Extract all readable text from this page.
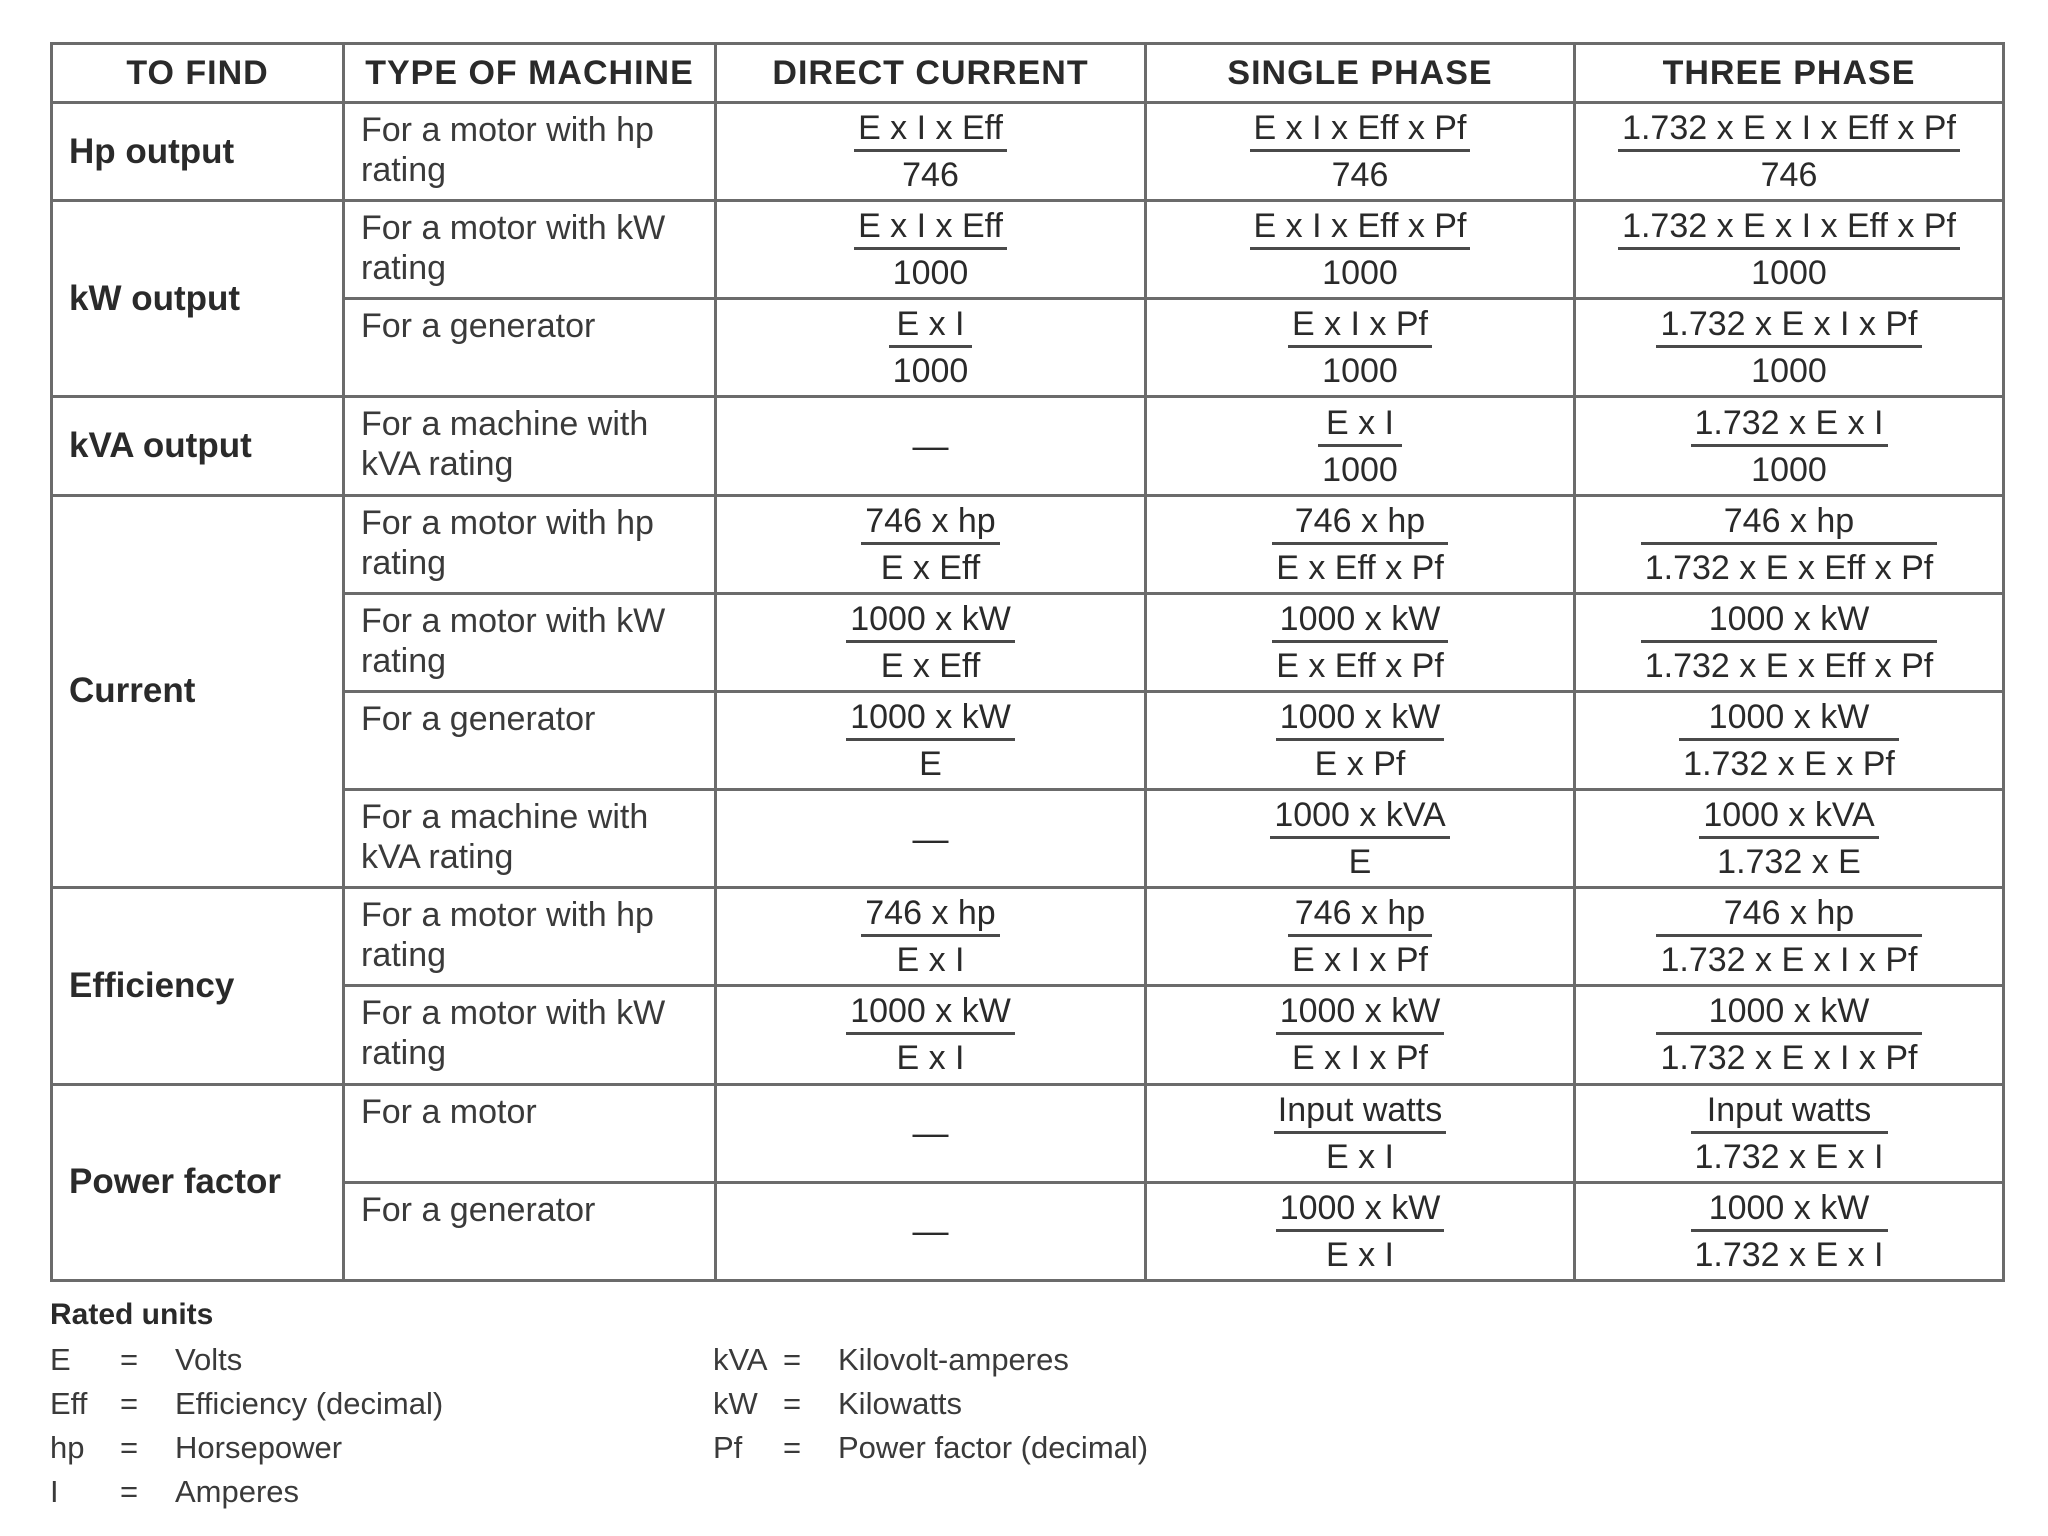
TO FIND	TYPE OF MACHINE	DIRECT CURRENT	SINGLE PHASE	THREE PHASE
Hp output	For a motor with hp rating	$\frac{\text{E x I x Eff}}{746}$	$\frac{\text{E x I x Eff x Pf}}{746}$	$\frac{\text{1.732 x E x I x Eff x Pf}}{746}$

kW output	For a motor with kW rating	$\frac{\text{E x I x Eff}}{1000}$	$\frac{\text{E x I x Eff x Pf}}{1000}$	$\frac{\text{1.732 x E x I x Eff x Pf}}{1000}$

	For a generator	$\frac{\text{E x I}}{1000}$	$\frac{\text{E x I x Pf}}{1000}$	$\frac{\text{1.732 x E x I x Pf}}{1000}$

kVA output	For a machine with kVA rating	—	$\frac{\text{E x I}}{1000}$	$\frac{\text{1.732 x E x I}}{1000}$

Current	For a motor with hp rating	$\frac{\text{746 x hp}}{\text{E x Eff}}$	$\frac{\text{746 x hp}}{\text{E x Eff x Pf}}$	$\frac{\text{746 x hp}}{\text{1.732 x E x Eff x Pf}}$

	For a motor with kW rating	$\frac{\text{1000 x kW}}{\text{E x Eff}}$	$\frac{\text{1000 x kW}}{\text{E x Eff x Pf}}$	$\frac{\text{1000 x kW}}{\text{1.732 x E x Eff x Pf}}$

	For a generator	$\frac{\text{1000 x kW}}{E}$	$\frac{\text{1000 x kW}}{\text{E x Pf}}$	$\frac{\text{1000 x kW}}{\text{1.732 x E x Pf}}$

	For a machine with kVA rating	—	$\frac{\text{1000 x kVA}}{E}$	$\frac{\text{1000 x kVA}}{\text{1.732 x E}}$

Efficiency	For a motor with hp rating	$\frac{\text{746 x hp}}{\text{E x I}}$	$\frac{\text{746 x hp}}{\text{E x I x Pf}}$	$\frac{\text{746 x hp}}{\text{1.732 x E x I x Pf}}$

	For a motor with kW rating	$\frac{\text{1000 x kW}}{\text{E x I}}$	$\frac{\text{1000 x kW}}{\text{E x I x Pf}}$	$\frac{\text{1000 x kW}}{\text{1.732 x E x I x Pf}}$

Power factor	For a motor	—	$\frac{\text{Input watts}}{\text{E x I}}$	$\frac{\text{Input watts}}{\text{1.732 x E x I}}$

	For a generator	—	$\frac{\text{1000 x kW}}{\text{E x I}}$	$\frac{\text{1000 x kW}}{\text{1.732 x E x I}}$
Rated units
E	=	Volts
Eff	=	Efficiency (decimal)
hp	=	Horsepower
I	=	Amperes
kVA =	Kilovolt-amperes
kW =	Kilowatts
Pf	=	Power factor (decimal)
